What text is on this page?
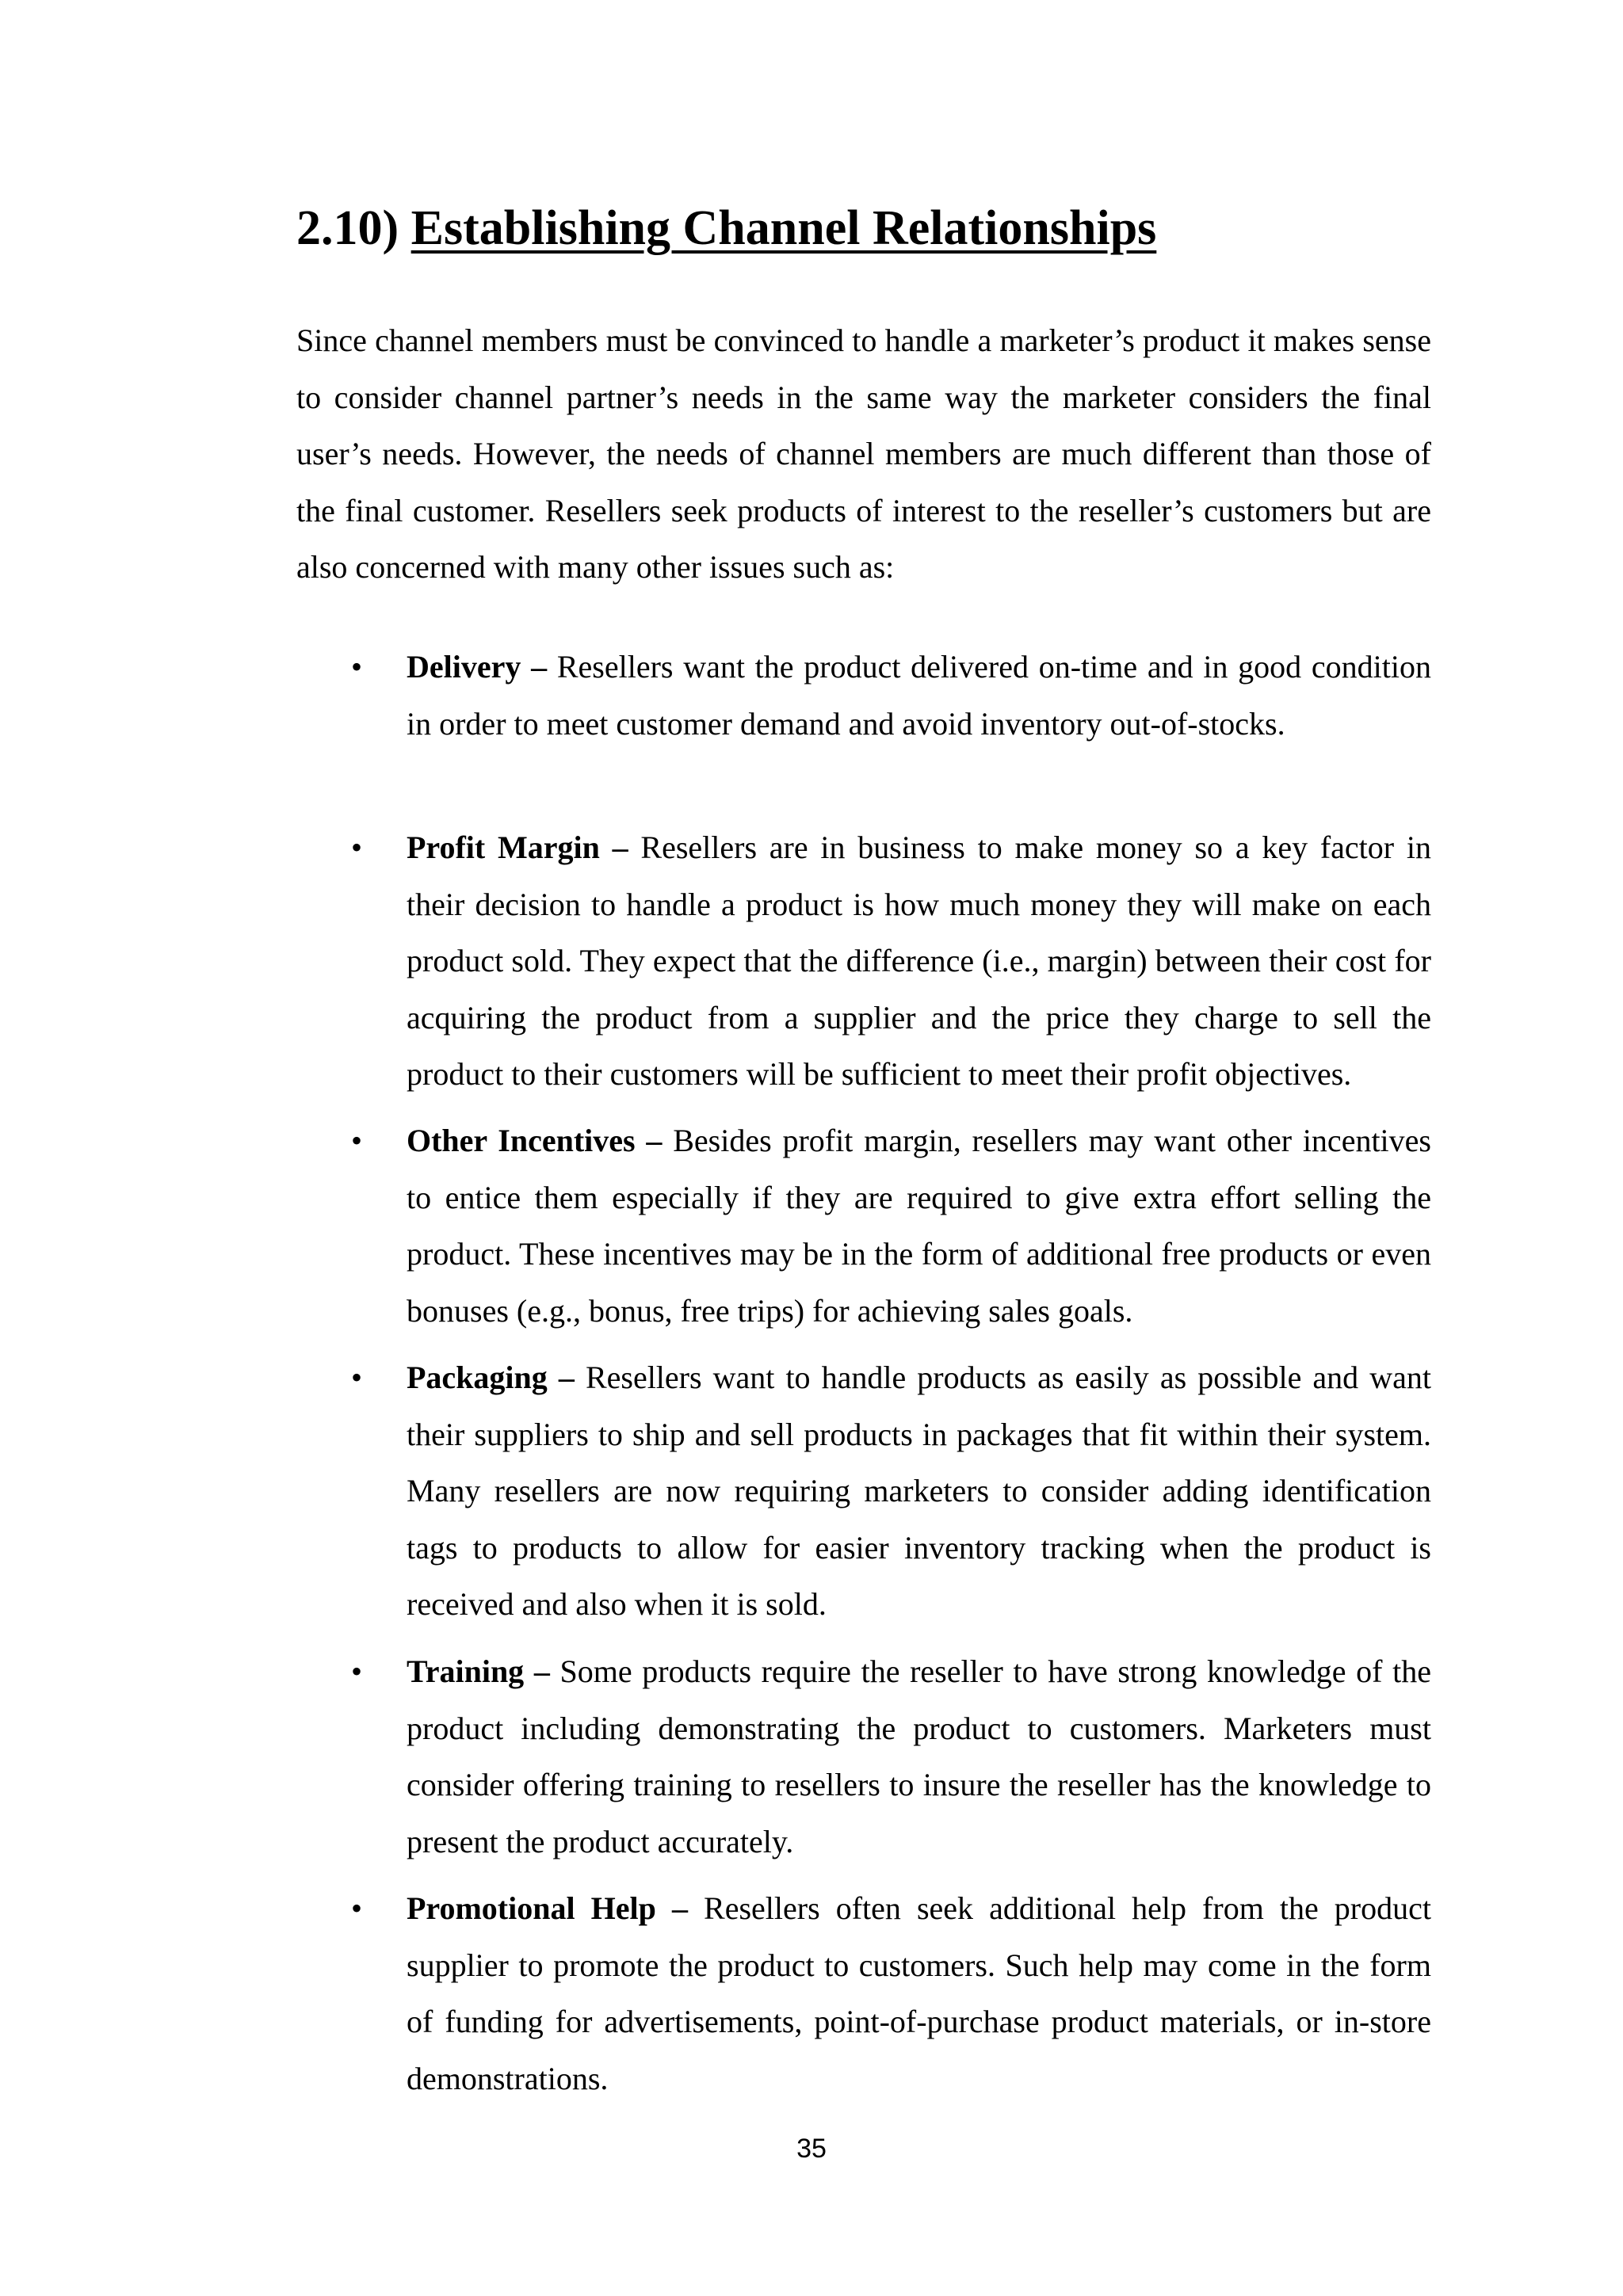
2.10) Establishing Channel Relationships

Since channel members must be convinced to handle a marketer’s product it makes sense to consider channel partner’s needs in the same way the marketer considers the final user’s needs. However, the needs of channel members are much different than those of the final customer. Resellers seek products of interest to the reseller’s customers but are also concerned with many other issues such as:

• Delivery – Resellers want the product delivered on-time and in good condition in order to meet customer demand and avoid inventory out-of-stocks.

• Profit Margin – Resellers are in business to make money so a key factor in their decision to handle a product is how much money they will make on each product sold. They expect that the difference (i.e., margin) between their cost for acquiring the product from a supplier and the price they charge to sell the product to their customers will be sufficient to meet their profit objectives.

• Other Incentives – Besides profit margin, resellers may want other incentives to entice them especially if they are required to give extra effort selling the product. These incentives may be in the form of additional free products or even bonuses (e.g., bonus, free trips) for achieving sales goals.

• Packaging – Resellers want to handle products as easily as possible and want their suppliers to ship and sell products in packages that fit within their system. Many resellers are now requiring marketers to consider adding identification tags to products to allow for easier inventory tracking when the product is received and also when it is sold.

• Training – Some products require the reseller to have strong knowledge of the product including demonstrating the product to customers. Marketers must consider offering training to resellers to insure the reseller has the knowledge to present the product accurately.

• Promotional Help – Resellers often seek additional help from the product supplier to promote the product to customers. Such help may come in the form of funding for advertisements, point-of-purchase product materials, or in-store demonstrations.

35
